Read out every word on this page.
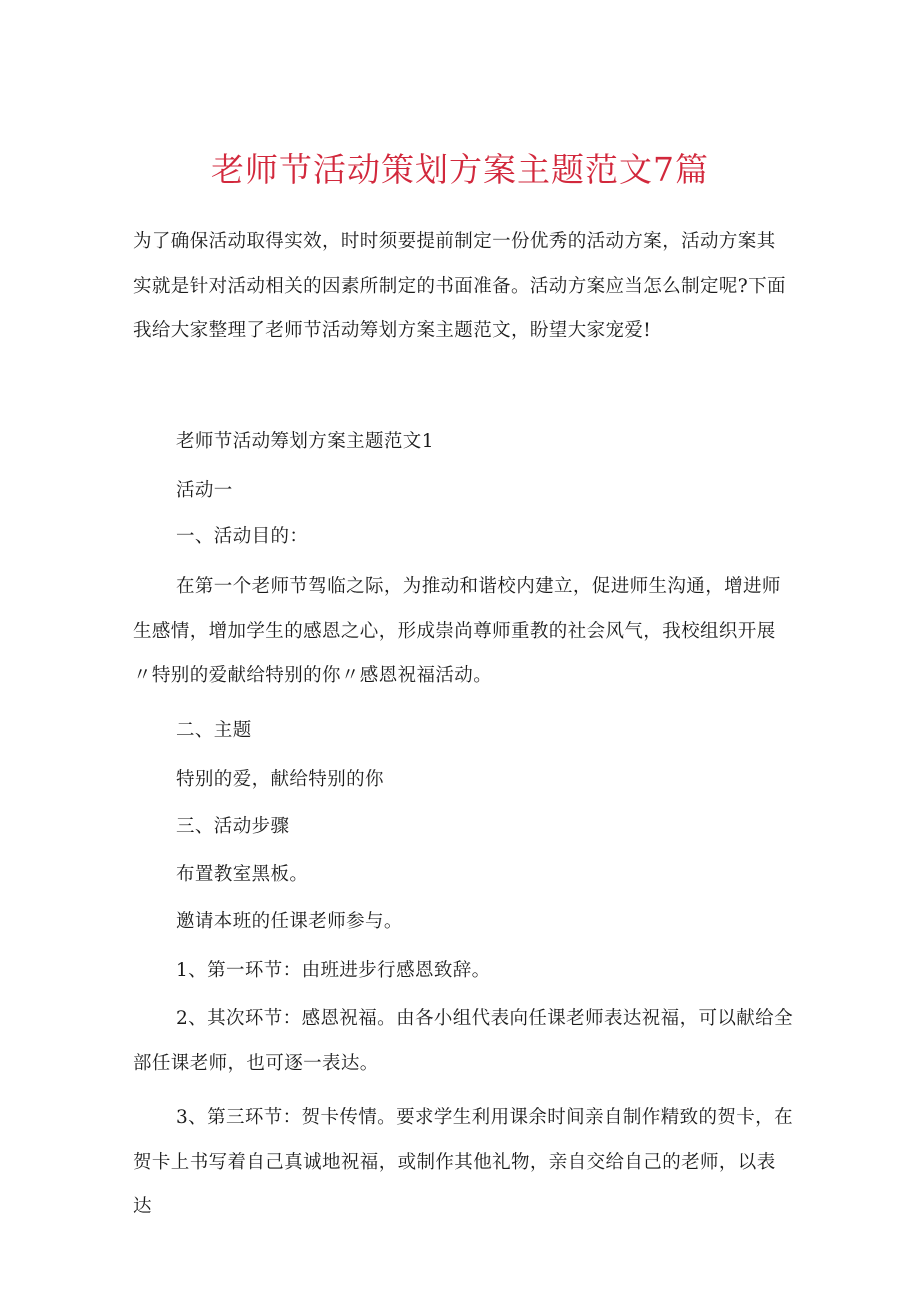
老师节活动策划方案主题范文7篇
为了确保活动取得实效，时时须要提前制定一份优秀的活动方案，活动方案其实就是针对活动相关的因素所制定的书面准备。活动方案应当怎么制定呢?下面我给大家整理了老师节活动筹划方案主题范文，盼望大家宠爱!
老师节活动筹划方案主题范文1
活动一
一、活动目的：
在第一个老师节驾临之际，为推动和谐校内建立，促进师生沟通，增进师生感情，增加学生的感恩之心，形成崇尚尊师重教的社会风气，我校组织开展〃特别的爱献给特别的你〃感恩祝福活动。
二、主题
特别的爱，献给特别的你
三、活动步骤
布置教室黑板。
邀请本班的任课老师参与。
1、第一环节：由班进步行感恩致辞。
2、其次环节：感恩祝福。由各小组代表向任课老师表达祝福，可以献给全部任课老师，也可逐一表达。
3、第三环节：贺卡传情。要求学生利用课余时间亲自制作精致的贺卡，在贺卡上书写着自己真诚地祝福，或制作其他礼物，亲自交给自己的老师，以表达
